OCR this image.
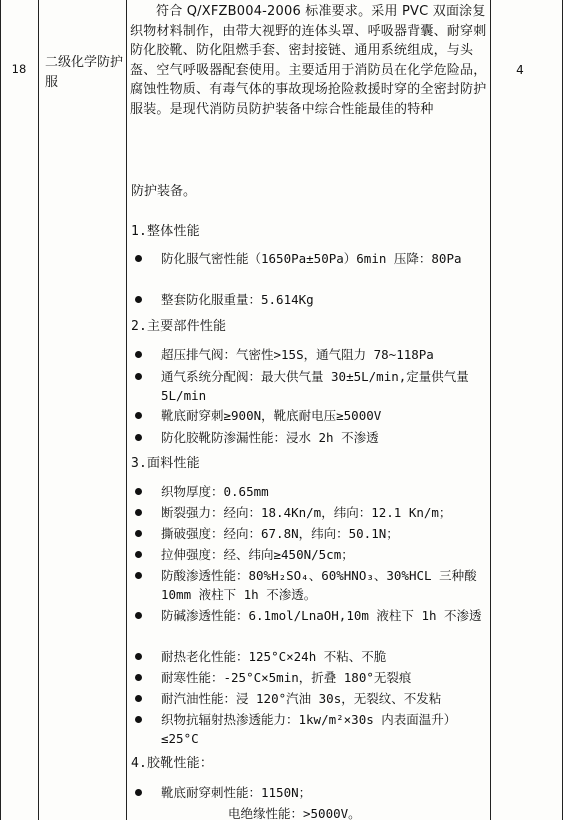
18	二级化学防护服
4

符合 Q/XFZB004-2006 标准要求。采用 PVC 双面涂复织物材料制作，由带大视野的连体头罩、呼吸器背囊、耐穿刺防化胶靴、防化阻燃手套、密封接链、通用系统组成，与头盔、空气呼吸器配套使用。主要适用于消防员在化学危险品，腐蚀性物质、有毒气体的事故现场抢险救援时穿的全密封防护服装。是现代消防员防护装备中综合性能最佳的特种

防护装备。
1.整体性能
防化服气密性能（1650Pa±50Pa）6min 压降：80Pa
整套防化服重量：5.614Kg
2.主要部件性能
超压排气阀：气密性>15S，通气阻力 78~118Pa
通气系统分配阀：最大供气量 30±5L/min,定量供气量 5L/min
靴底耐穿刺≥900N，靴底耐电压≥5000V
防化胶靴防渗漏性能：浸水 2h 不渗透
3.面料性能
织物厚度：0.65mm
断裂强力：经向：18.4Kn/m，纬向：12.1 Kn/m；
撕破强度：经向：67.8N，纬向：50.1N；
拉伸强度：经、纬向≥450N/5cm；
防酸渗透性能：80%H₂SO₄、60%HNO₃、30%HCL 三种酸 10mm 液柱下 1h 不渗透。
防碱渗透性能：6.1mol/LnaOH,10m 液柱下 1h 不渗透
耐热老化性能：125°C×24h 不粘、不脆
耐寒性能：-25°C×5min，折叠 180°无裂痕
耐汽油性能：浸 120°汽油 30s，无裂纹、不发粘
织物抗辐射热渗透能力：1kw/m²×30s 内表面温升）≤25°C
4.胶靴性能：
靴底耐穿刺性能：1150N；
电绝缘性能：>5000V。
